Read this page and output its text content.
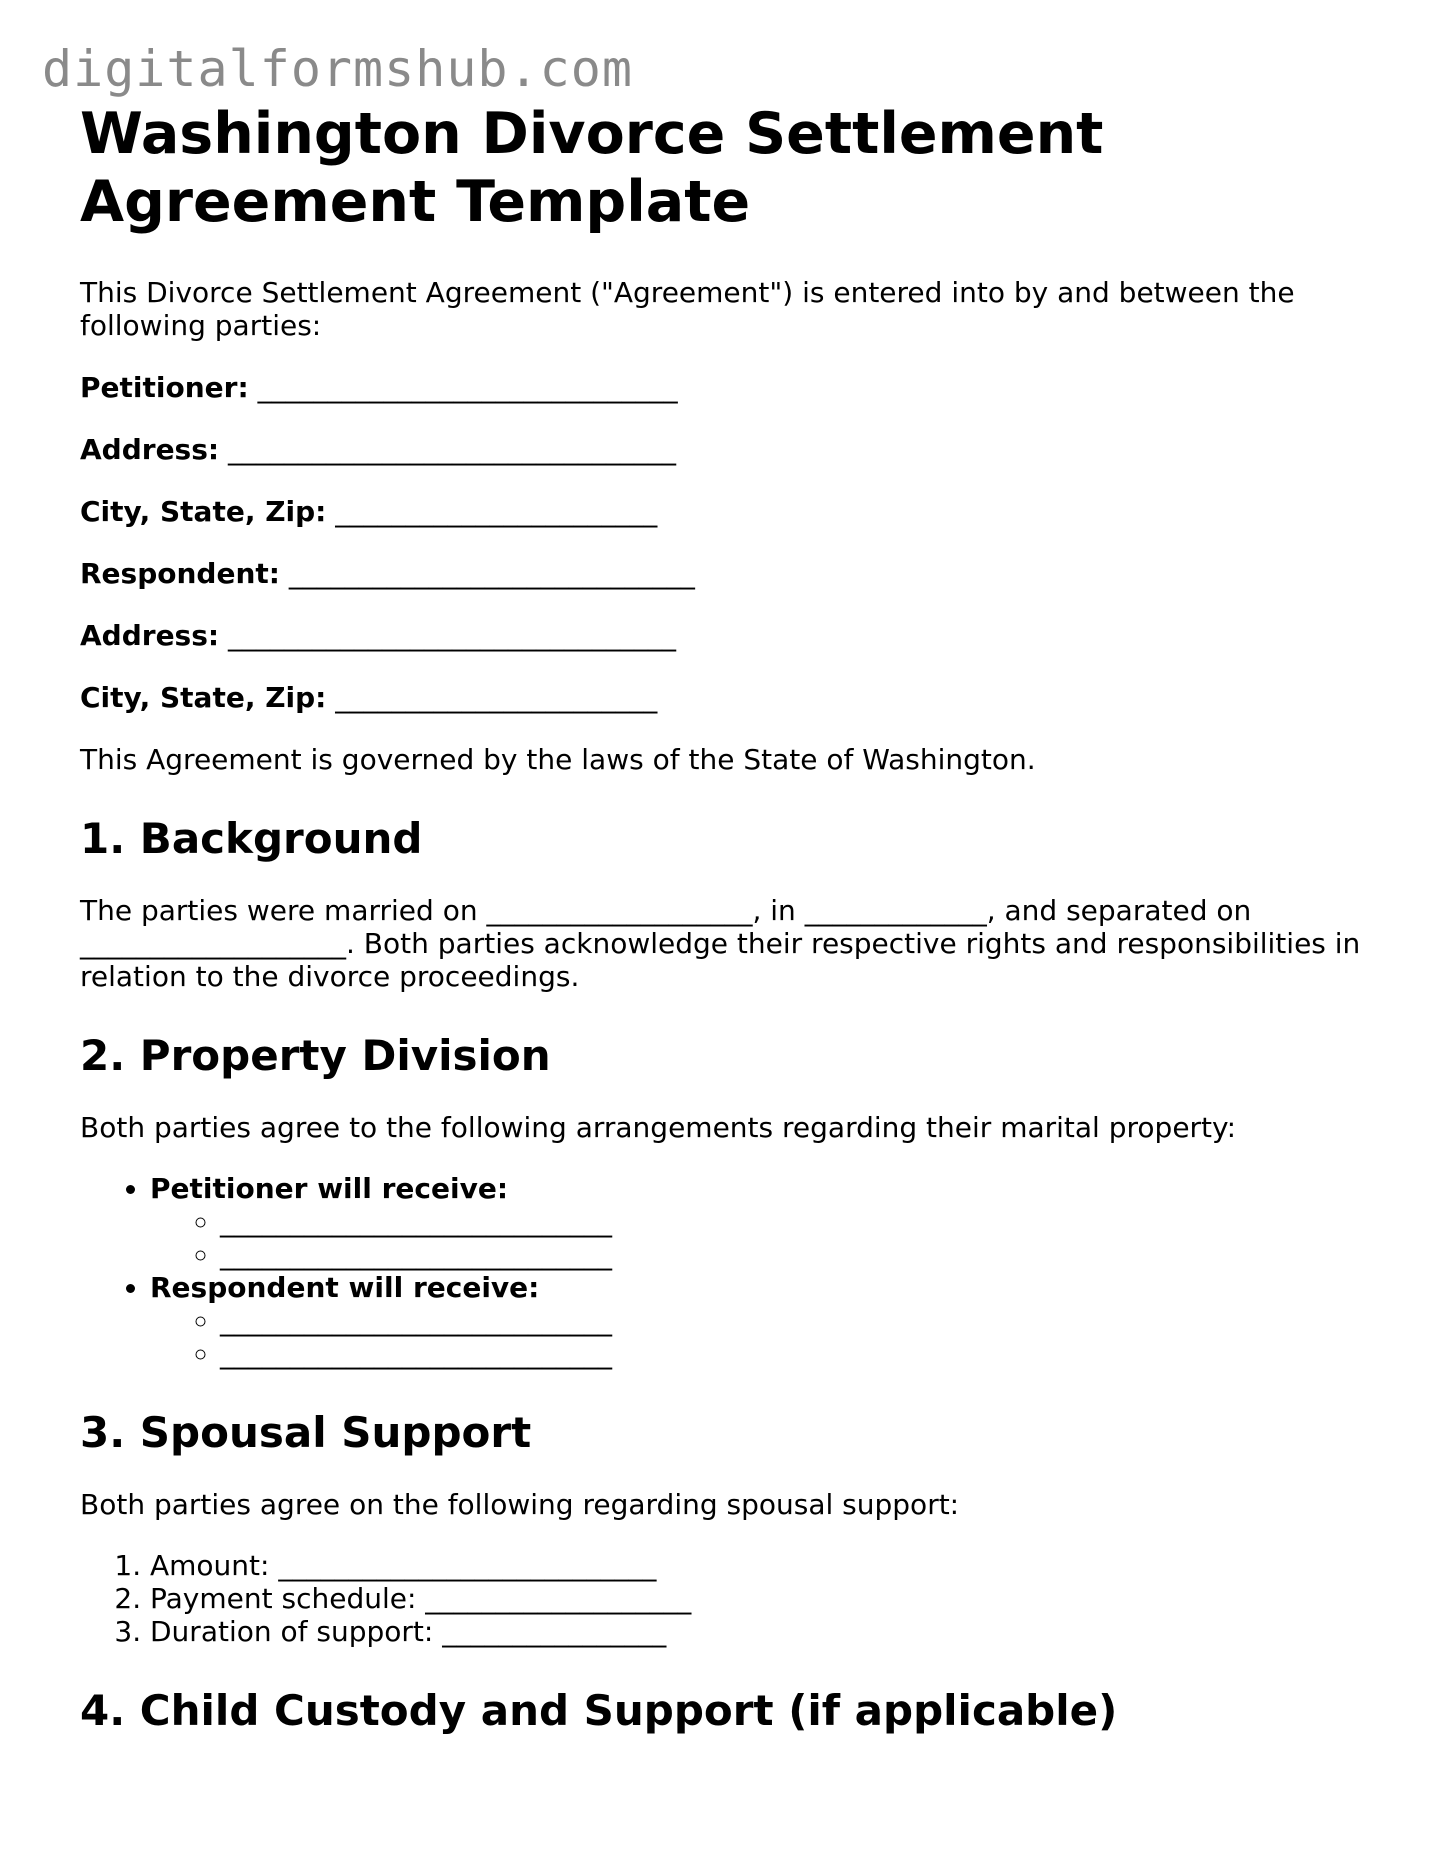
digitalformshub.com
Washington Divorce Settlement Agreement Template

This Divorce Settlement Agreement ("Agreement") is entered into by and between the following parties:

Petitioner: ______________________________
Address: ________________________________
City, State, Zip: _______________________
Respondent: _____________________________
Address: ________________________________
City, State, Zip: _______________________

This Agreement is governed by the laws of the State of Washington.

1. Background

The parties were married on ___________________, in _____________, and separated on ___________________. Both parties acknowledge their respective rights and responsibilities in relation to the divorce proceedings.

2. Property Division

Both parties agree to the following arrangements regarding their marital property:

• Petitioner will receive:
◦ ____________________________
◦ ____________________________
• Respondent will receive:
◦ ____________________________
◦ ____________________________
3. Spousal Support

Both parties agree on the following regarding spousal support:

1. Amount: ___________________________
2. Payment schedule: ___________________
3. Duration of support: ________________
4. Child Custody and Support (if applicable)
